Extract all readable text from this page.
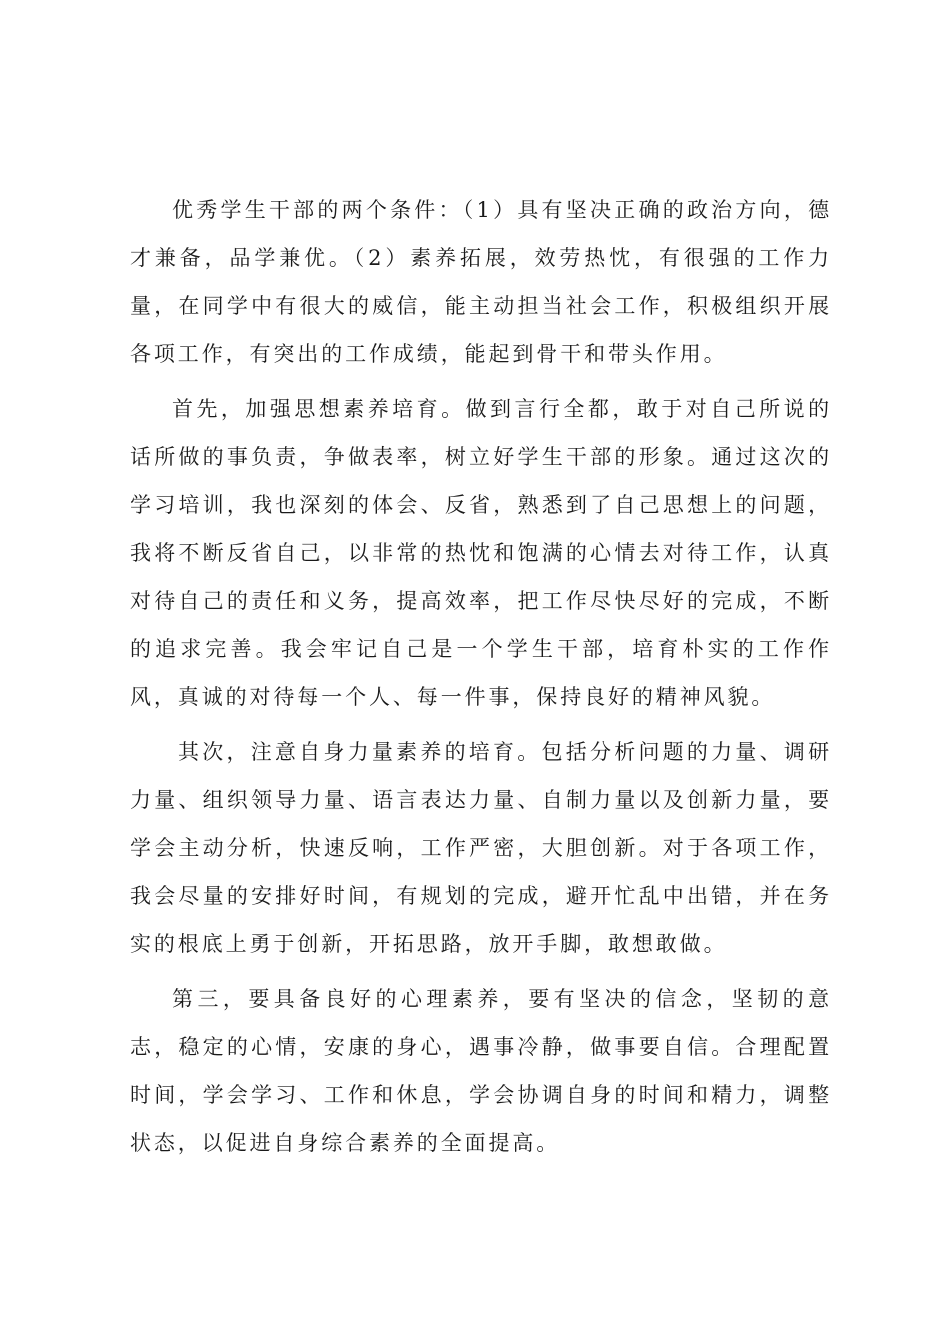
优秀学生干部的两个条件：（1）具有坚决正确的政治方向，德才兼备，品学兼优。（2）素养拓展，效劳热忱，有很强的工作力量，在同学中有很大的威信，能主动担当社会工作，积极组织开展各项工作，有突出的工作成绩，能起到骨干和带头作用。

首先，加强思想素养培育。做到言行全都，敢于对自己所说的话所做的事负责，争做表率，树立好学生干部的形象。通过这次的学习培训，我也深刻的体会、反省，熟悉到了自己思想上的问题，我将不断反省自己，以非常的热忱和饱满的心情去对待工作，认真对待自己的责任和义务，提高效率，把工作尽快尽好的完成，不断的追求完善。我会牢记自己是一个学生干部，培育朴实的工作作风，真诚的对待每一个人、每一件事，保持良好的精神风貌。

其次，注意自身力量素养的培育。包括分析问题的力量、调研力量、组织领导力量、语言表达力量、自制力量以及创新力量，要学会主动分析，快速反响，工作严密，大胆创新。对于各项工作，我会尽量的安排好时间，有规划的完成，避开忙乱中出错，并在务实的根底上勇于创新，开拓思路，放开手脚，敢想敢做。

第三，要具备良好的心理素养，要有坚决的信念，坚韧的意志，稳定的心情，安康的身心，遇事冷静，做事要自信。合理配置时间，学会学习、工作和休息，学会协调自身的时间和精力，调整状态，以促进自身综合素养的全面提高。
